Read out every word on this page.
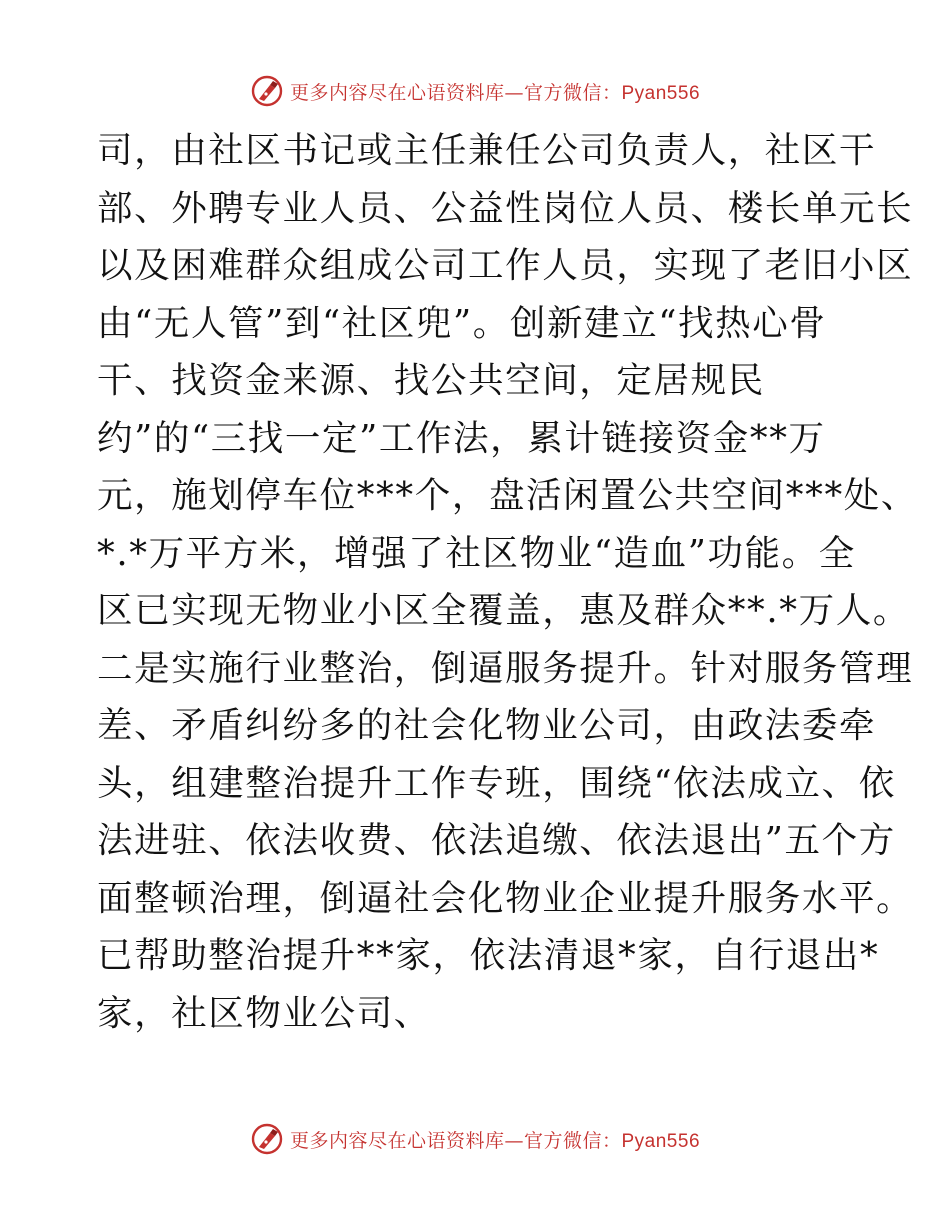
更多内容尽在心语资料库—官方微信：Pyan556
司，由社区书记或主任兼任公司负责人，社区干
部、外聘专业人员、公益性岗位人员、楼长单元长
以及困难群众组成公司工作人员，实现了老旧小区
由“无人管”到“社区兜”。创新建立“找热心骨
干、找资金来源、找公共空间，定居规民
约”的“三找一定”工作法，累计链接资金**万
元，施划停车位***个，盘活闲置公共空间***处、
*.*万平方米，增强了社区物业“造血”功能。全
区已实现无物业小区全覆盖，惠及群众**.*万人。
二是实施行业整治，倒逼服务提升。针对服务管理
差、矛盾纠纷多的社会化物业公司，由政法委牵
头，组建整治提升工作专班，围绕“依法成立、依
法进驻、依法收费、依法追缴、依法退出”五个方
面整顿治理，倒逼社会化物业企业提升服务水平。
已帮助整治提升**家，依法清退*家，自行退出*
家，社区物业公司、
更多内容尽在心语资料库—官方微信：Pyan556
